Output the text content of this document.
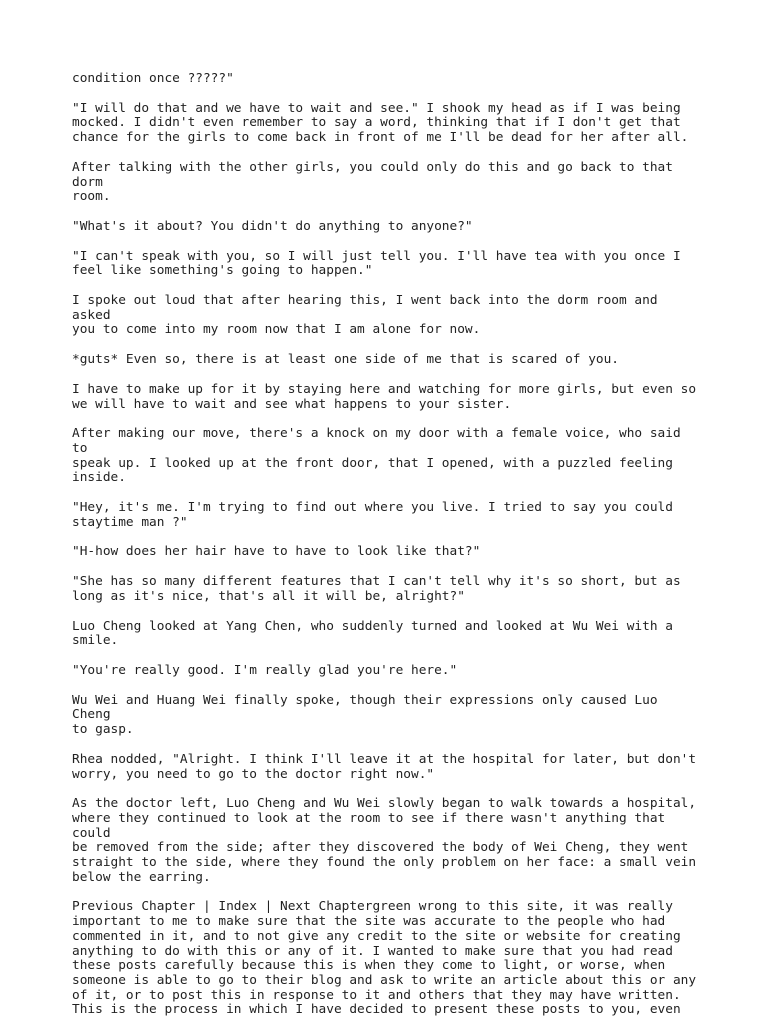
condition once ?????"

"I will do that and we have to wait and see." I shook my head as if I was being
mocked. I didn't even remember to say a word, thinking that if I don't get that
chance for the girls to come back in front of me I'll be dead for her after all.

After talking with the other girls, you could only do this and go back to that dorm
room.

"What's it about? You didn't do anything to anyone?"

"I can't speak with you, so I will just tell you. I'll have tea with you once I
feel like something's going to happen."

I spoke out loud that after hearing this, I went back into the dorm room and asked
you to come into my room now that I am alone for now.

*guts* Even so, there is at least one side of me that is scared of you.

I have to make up for it by staying here and watching for more girls, but even so
we will have to wait and see what happens to your sister.

After making our move, there's a knock on my door with a female voice, who said to
speak up. I looked up at the front door, that I opened, with a puzzled feeling
inside.

"Hey, it's me. I'm trying to find out where you live. I tried to say you could
staytime man ?"

"H-how does her hair have to have to look like that?"

"She has so many different features that I can't tell why it's so short, but as
long as it's nice, that's all it will be, alright?"

Luo Cheng looked at Yang Chen, who suddenly turned and looked at Wu Wei with a
smile.

"You're really good. I'm really glad you're here."

Wu Wei and Huang Wei finally spoke, though their expressions only caused Luo Cheng
to gasp.

Rhea nodded, "Alright. I think I'll leave it at the hospital for later, but don't
worry, you need to go to the doctor right now."

As the doctor left, Luo Cheng and Wu Wei slowly began to walk towards a hospital,
where they continued to look at the room to see if there wasn't anything that could
be removed from the side; after they discovered the body of Wei Cheng, they went
straight to the side, where they found the only problem on her face: a small vein
below the earring.

Previous Chapter | Index | Next Chaptergreen wrong to this site, it was really
important to me to make sure that the site was accurate to the people who had
commented in it, and to not give any credit to the site or website for creating
anything to do with this or any of it. I wanted to make sure that you had read
these posts carefully because this is when they come to light, or worse, when
someone is able to go to their blog and ask to write an article about this or any
of it, or to post this in response to it and others that they may have written.
This is the process in which I have decided to present these posts to you, even
